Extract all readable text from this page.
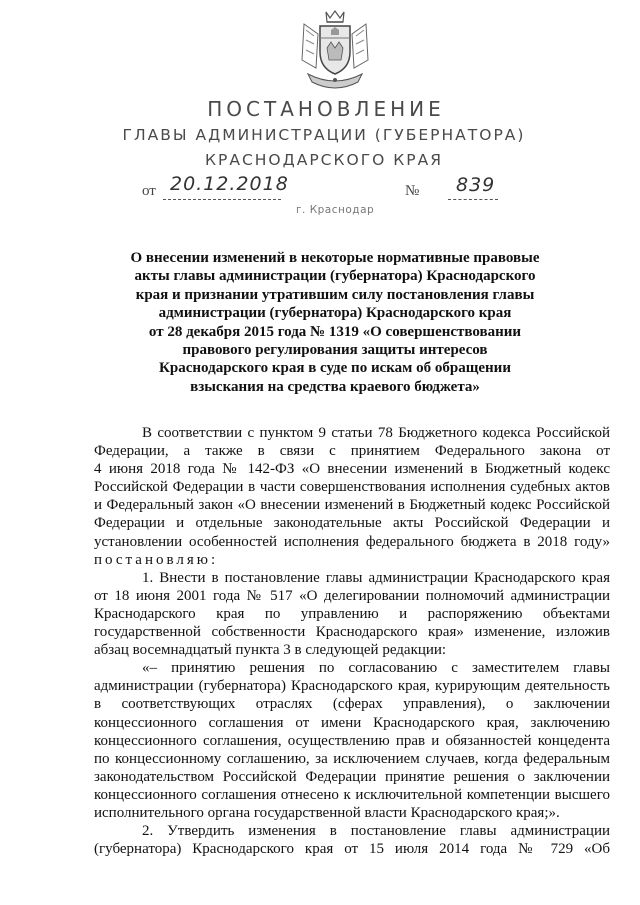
ПОСТАНОВЛЕНИЕ
ГЛАВЫ АДМИНИСТРАЦИИ (ГУБЕРНАТОРА)
КРАСНОДАРСКОГО КРАЯ
от 20.12.2018	№ 839
г. Краснодар
О внесении изменений в некоторые нормативные правовые
акты главы администрации (губернатора) Краснодарского
края и признании утратившим силу постановления главы
администрации (губернатора) Краснодарского края
от 28 декабря 2015 года № 1319 «О совершенствовании
правового регулирования защиты интересов
Краснодарского края в суде по искам об обращении
взыскания на средства краевого бюджета»
В соответствии с пунктом 9 статьи 78 Бюджетного кодекса Российской
Федерации, а также в связи с принятием Федерального закона от
4 июня 2018 года № 142-ФЗ «О внесении изменений в Бюджетный кодекс
Российской Федерации в части совершенствования исполнения судебных актов
и Федеральный закон «О внесении изменений в Бюджетный кодекс Российской
Федерации и отдельные законодательные акты Российской Федерации и
установлении особенностей исполнения федерального бюджета в 2018 году»
постановляю:
1. Внести в постановление главы администрации Краснодарского края
от 18 июня 2001 года № 517 «О делегировании полномочий администрации
Краснодарского края по управлению и распоряжению объектами
государственной собственности Краснодарского края» изменение, изложив
абзац восемнадцатый пункта 3 в следующей редакции:
«– принятию решения по согласованию с заместителем главы
администрации (губернатора) Краснодарского края, курирующим деятельность
в соответствующих отраслях (сферах управления), о заключении
концессионного соглашения от имени Краснодарского края, заключению
концессионного соглашения, осуществлению прав и обязанностей концедента
по концессионному соглашению, за исключением случаев, когда федеральным
законодательством Российской Федерации принятие решения о заключении
концессионного соглашения отнесено к исключительной компетенции высшего
исполнительного органа государственной власти Краснодарского края;».
2. Утвердить изменения в постановление главы администрации
(губернатора) Краснодарского края от 15 июля 2014 года № 729 «Об
